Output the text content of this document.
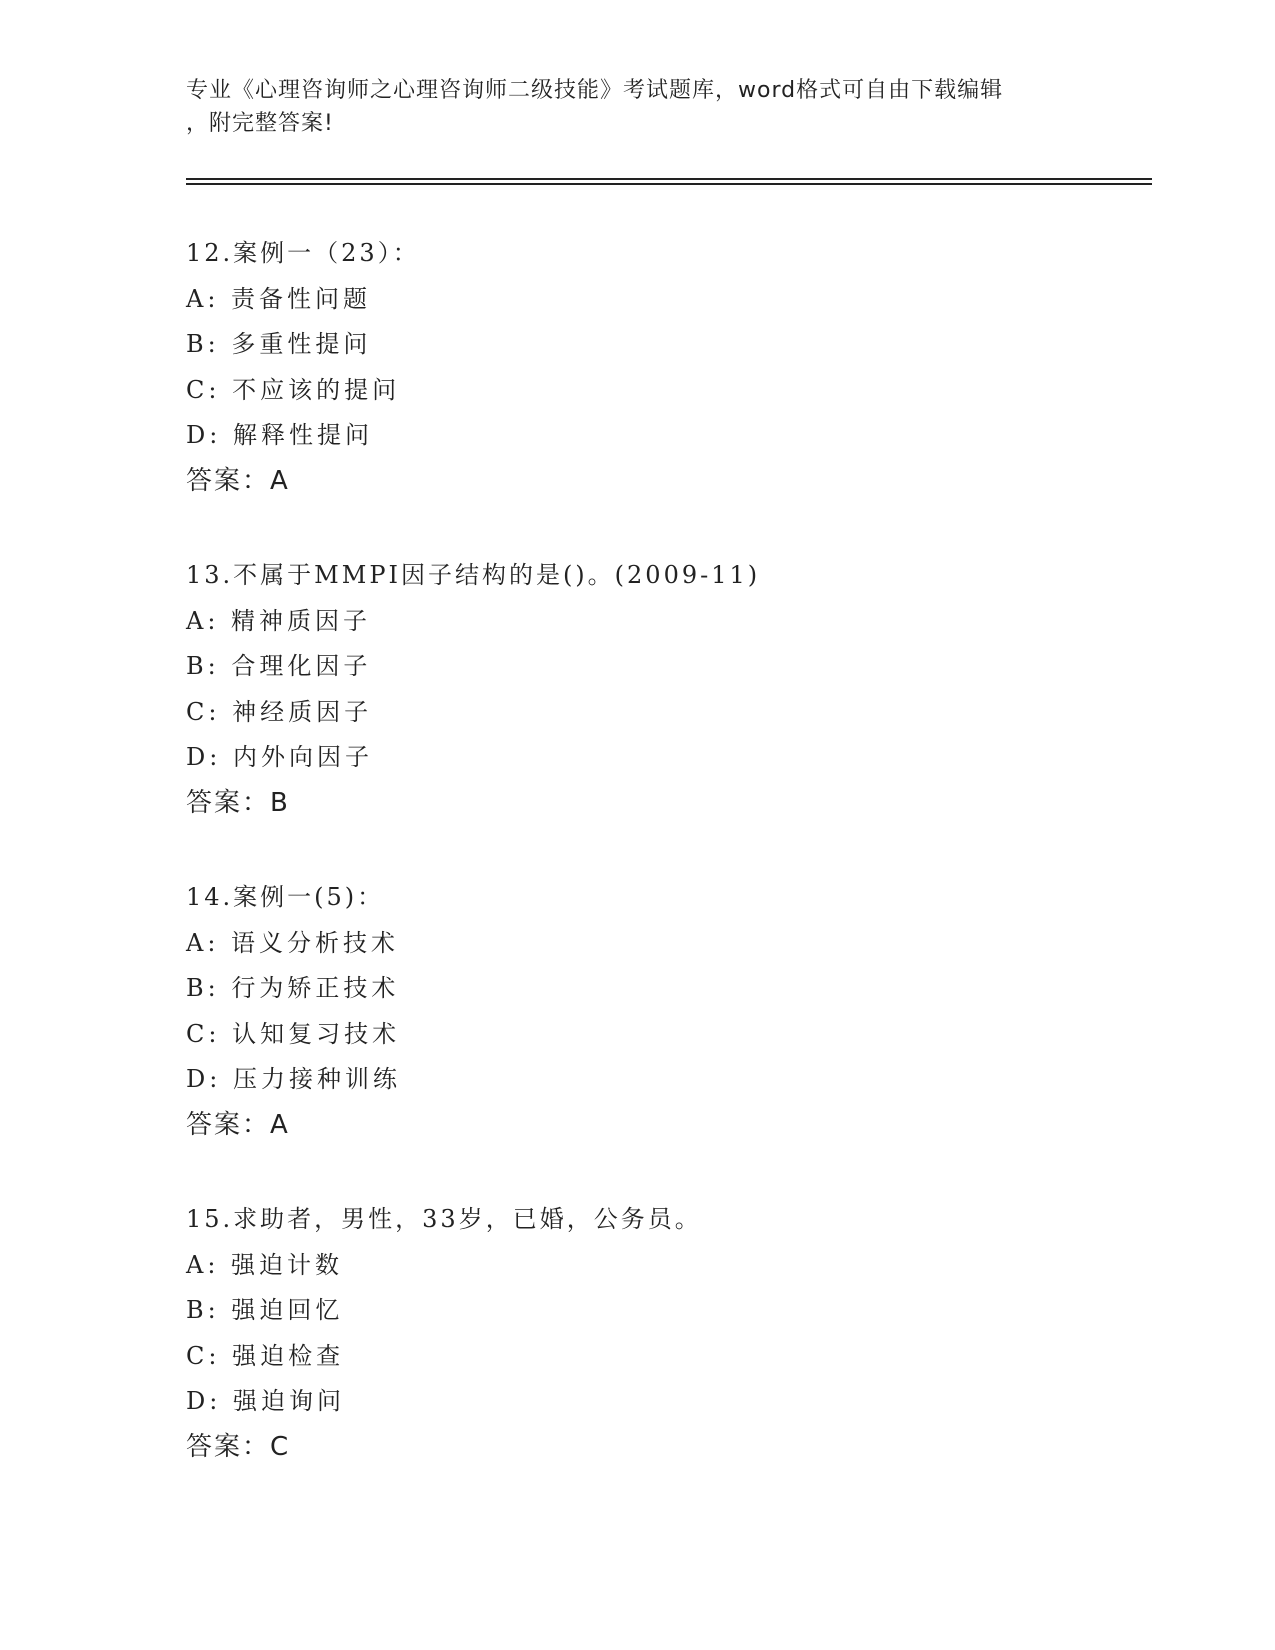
专业《心理咨询师之心理咨询师二级技能》考试题库，word格式可自由下载编辑
，附完整答案!
12.案例一（23）：
A: 责备性问题
B: 多重性提问
C: 不应该的提问
D: 解释性提问
答案：A
13.不属于MMPI因子结构的是()。(2009-11)
A: 精神质因子
B: 合理化因子
C: 神经质因子
D: 内外向因子
答案：B
14.案例一(5)：
A: 语义分析技术
B: 行为矫正技术
C: 认知复习技术
D: 压力接种训练
答案：A
15.求助者，男性，33岁，已婚，公务员。
A: 强迫计数
B: 强迫回忆
C: 强迫检查
D: 强迫询问
答案：C
